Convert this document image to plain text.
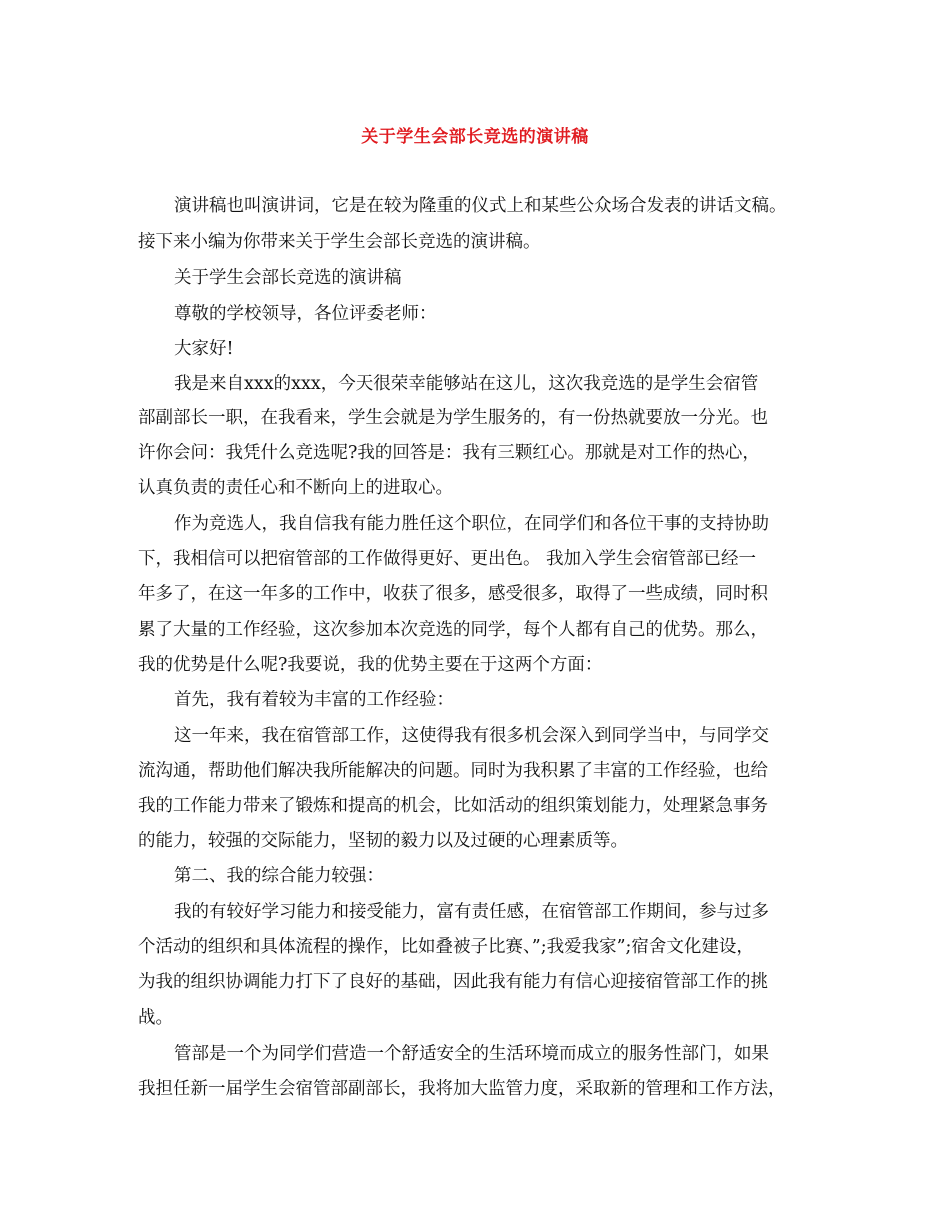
关于学生会部长竞选的演讲稿
演讲稿也叫演讲词，它是在较为隆重的仪式上和某些公众场合发表的讲话文稿。
接下来小编为你带来关于学生会部长竞选的演讲稿。
关于学生会部长竞选的演讲稿
尊敬的学校领导，各位评委老师：
大家好!
我是来自xxx的xxx，今天很荣幸能够站在这儿，这次我竞选的是学生会宿管
部副部长一职，在我看来，学生会就是为学生服务的，有一份热就要放一分光。也
许你会问：我凭什么竞选呢?我的回答是：我有三颗红心。那就是对工作的热心，
认真负责的责任心和不断向上的进取心。
作为竞选人，我自信我有能力胜任这个职位，在同学们和各位干事的支持协助
下，我相信可以把宿管部的工作做得更好、更出色。 我加入学生会宿管部已经一
年多了，在这一年多的工作中，收获了很多，感受很多，取得了一些成绩，同时积
累了大量的工作经验，这次参加本次竞选的同学，每个人都有自己的优势。那么，
我的优势是什么呢?我要说，我的优势主要在于这两个方面：
首先，我有着较为丰富的工作经验：
这一年来，我在宿管部工作，这使得我有很多机会深入到同学当中，与同学交
流沟通，帮助他们解决我所能解决的问题。同时为我积累了丰富的工作经验，也给
我的工作能力带来了锻炼和提高的机会，比如活动的组织策划能力，处理紧急事务
的能力，较强的交际能力，坚韧的毅力以及过硬的心理素质等。
第二、我的综合能力较强：
我的有较好学习能力和接受能力，富有责任感，在宿管部工作期间，参与过多
个活动的组织和具体流程的操作，比如叠被子比赛、”;我爱我家”;宿舍文化建设，
为我的组织协调能力打下了良好的基础，因此我有能力有信心迎接宿管部工作的挑
战。
管部是一个为同学们营造一个舒适安全的生活环境而成立的服务性部门，如果
我担任新一届学生会宿管部副部长，我将加大监管力度，采取新的管理和工作方法，
